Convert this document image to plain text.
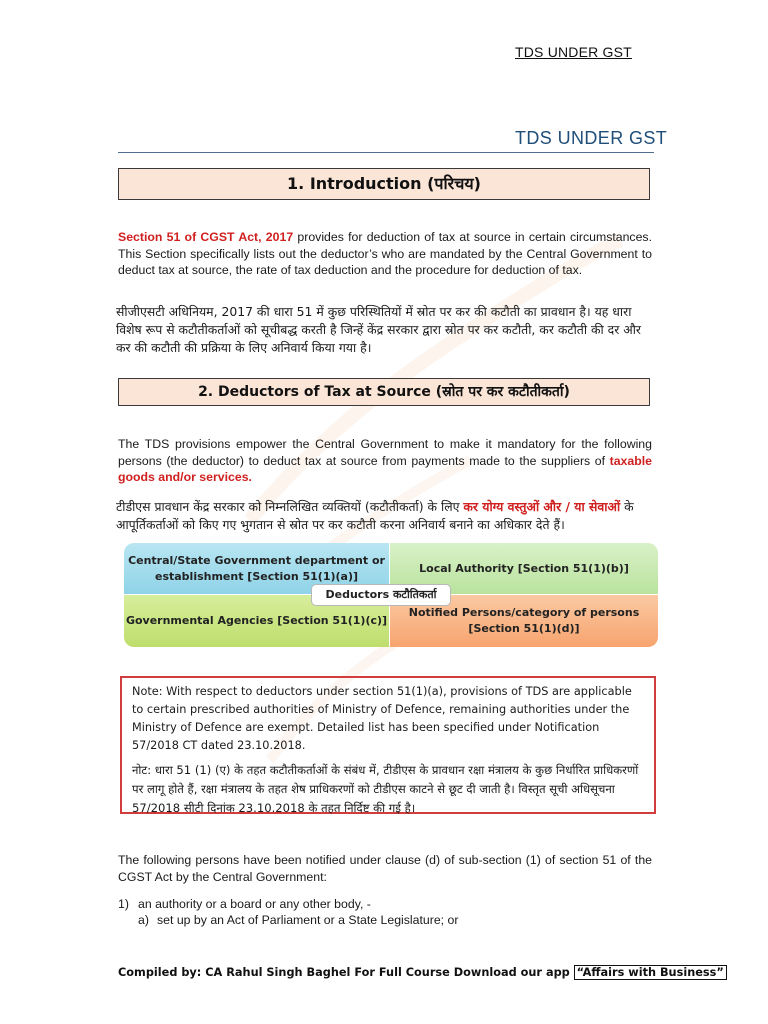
TDS UNDER GST
TDS UNDER GST
1. Introduction (परिचय)
Section 51 of CGST Act, 2017 provides for deduction of tax at source in certain circumstances. This Section specifically lists out the deductor’s who are mandated by the Central Government to deduct tax at source, the rate of tax deduction and the procedure for deduction of tax.
सीजीएसटी अधिनियम, 2017 की धारा 51 में कुछ परिस्थितियों में स्रोत पर कर की कटौती का प्रावधान है। यह धारा विशेष रूप से कटौतीकर्ताओं को सूचीबद्ध करती है जिन्हें केंद्र सरकार द्वारा स्रोत पर कर कटौती, कर कटौती की दर और कर की कटौती की प्रक्रिया के लिए अनिवार्य किया गया है।
2. Deductors of Tax at Source (स्रोत पर कर कटौतीकर्ता)
The TDS provisions empower the Central Government to make it mandatory for the following persons (the deductor) to deduct tax at source from payments made to the suppliers of taxable goods and/or services.
टीडीएस प्रावधान केंद्र सरकार को निम्नलिखित व्यक्तियों (कटौतीकर्ता) के लिए कर योग्य वस्तुओं और / या सेवाओं के आपूर्तिकर्ताओं को किए गए भुगतान से स्रोत पर कर कटौती करना अनिवार्य बनाने का अधिकार देते हैं।
Central/State Government department or establishment [Section 51(1)(a)]
Local Authority [Section 51(1)(b)]
Governmental Agencies [Section 51(1)(c)]
Notified Persons/category of persons [Section 51(1)(d)]
Deductors कटौतिकर्ता
Note: With respect to deductors under section 51(1)(a), provisions of TDS are applicable to certain prescribed authorities of Ministry of Defence, remaining authorities under the Ministry of Defence are exempt. Detailed list has been specified under Notification 57/2018 CT dated 23.10.2018.
नोट: धारा 51 (1) (ए) के तहत कटौतीकर्ताओं के संबंध में, टीडीएस के प्रावधान रक्षा मंत्रालय के कुछ निर्धारित प्राधिकरणों पर लागू होते हैं, रक्षा मंत्रालय के तहत शेष प्राधिकरणों को टीडीएस काटने से छूट दी जाती है। विस्तृत सूची अधिसूचना 57/2018 सीटी दिनांक 23.10.2018 के तहत निर्दिष्ट की गई है।
The following persons have been notified under clause (d) of sub-section (1) of section 51 of the CGST Act by the Central Government:
1) an authority or a board or any other body, -
a) set up by an Act of Parliament or a State Legislature; or
Compiled by: CA Rahul Singh Baghel For Full Course Download our app “Affairs with Business”
